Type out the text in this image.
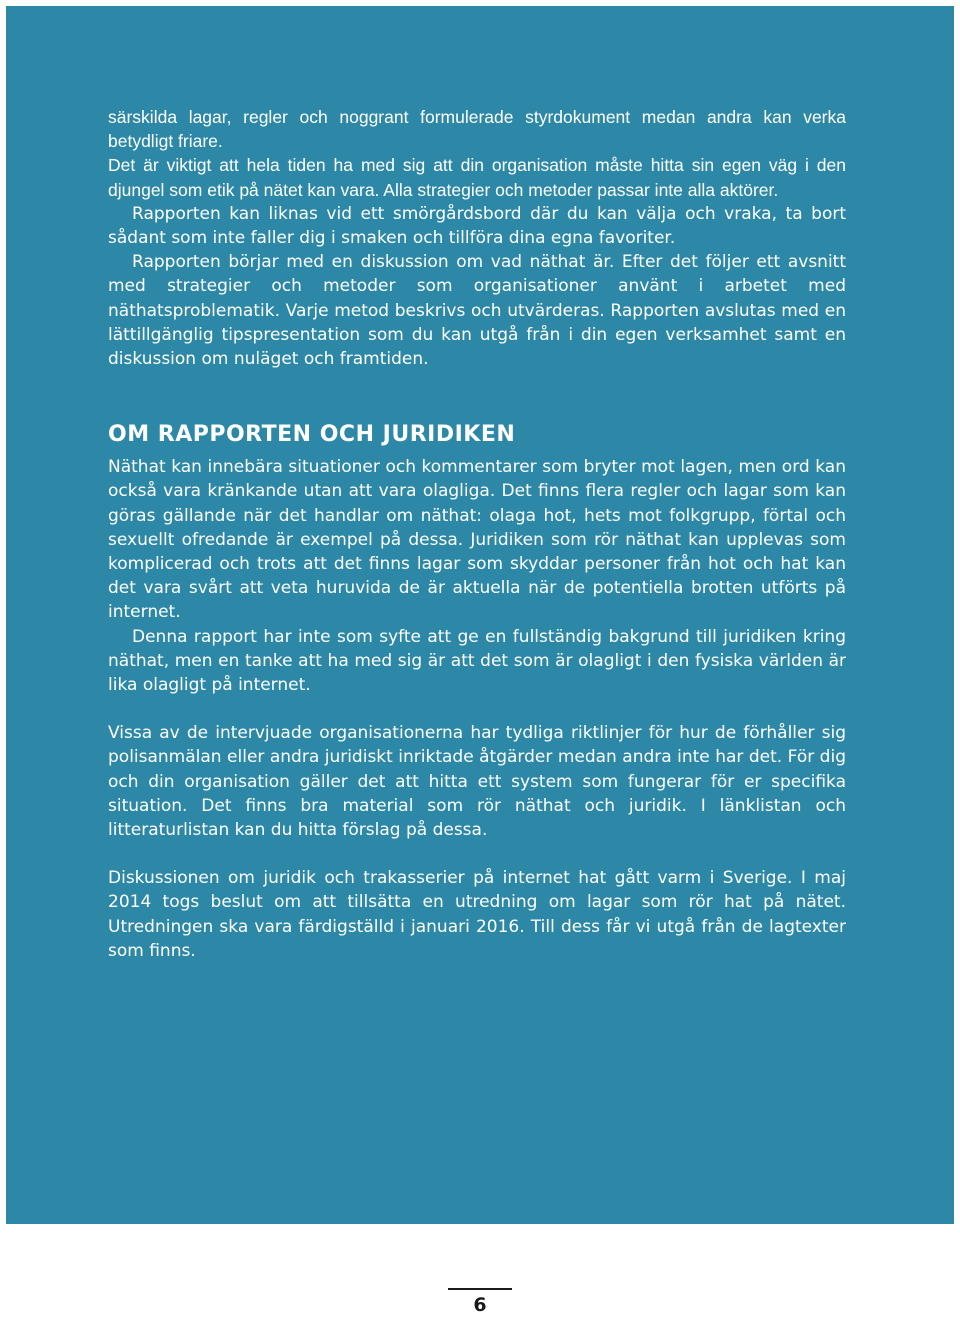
särskilda lagar, regler och noggrant formulerade styrdokument medan andra kan verka betydligt friare.

Det är viktigt att hela tiden ha med sig att din organisation måste hitta sin egen väg i den djungel som etik på nätet kan vara. Alla strategier och metoder passar inte alla aktörer.

Rapporten kan liknas vid ett smörgårdsbord där du kan välja och vraka, ta bort sådant som inte faller dig i smaken och tillföra dina egna favoriter.

Rapporten börjar med en diskussion om vad näthat är. Efter det följer ett avsnitt med strategier och metoder som organisationer använt i arbetet med näthatsproblematik. Varje metod beskrivs och utvärderas. Rapporten avslutas med en lättillgänglig tipspresentation som du kan utgå från i din egen verksamhet samt en diskussion om nuläget och framtiden.

OM RAPPORTEN OCH JURIDIKEN

Näthat kan innebära situationer och kommentarer som bryter mot lagen, men ord kan också vara kränkande utan att vara olagliga. Det finns flera regler och lagar som kan göras gällande när det handlar om näthat: olaga hot, hets mot folkgrupp, förtal och sexuellt ofredande är exempel på dessa. Juridiken som rör näthat kan upplevas som komplicerad och trots att det finns lagar som skyddar personer från hot och hat kan det vara svårt att veta huruvida de är aktuella när de potentiella brotten utförts på internet.

Denna rapport har inte som syfte att ge en fullständig bakgrund till juridiken kring näthat, men en tanke att ha med sig är att det som är olagligt i den fysiska världen är lika olagligt på internet.

Vissa av de intervjuade organisationerna har tydliga riktlinjer för hur de förhåller sig polisanmälan eller andra juridiskt inriktade åtgärder medan andra inte har det. För dig och din organisation gäller det att hitta ett system som fungerar för er specifika situation. Det finns bra material som rör näthat och juridik. I länklistan och litteraturlistan kan du hitta förslag på dessa.

Diskussionen om juridik och trakasserier på internet hat gått varm i Sverige. I maj 2014 togs beslut om att tillsätta en utredning om lagar som rör hat på nätet. Utredningen ska vara färdigställd i januari 2016. Till dess får vi utgå från de lagtexter som finns.

6
